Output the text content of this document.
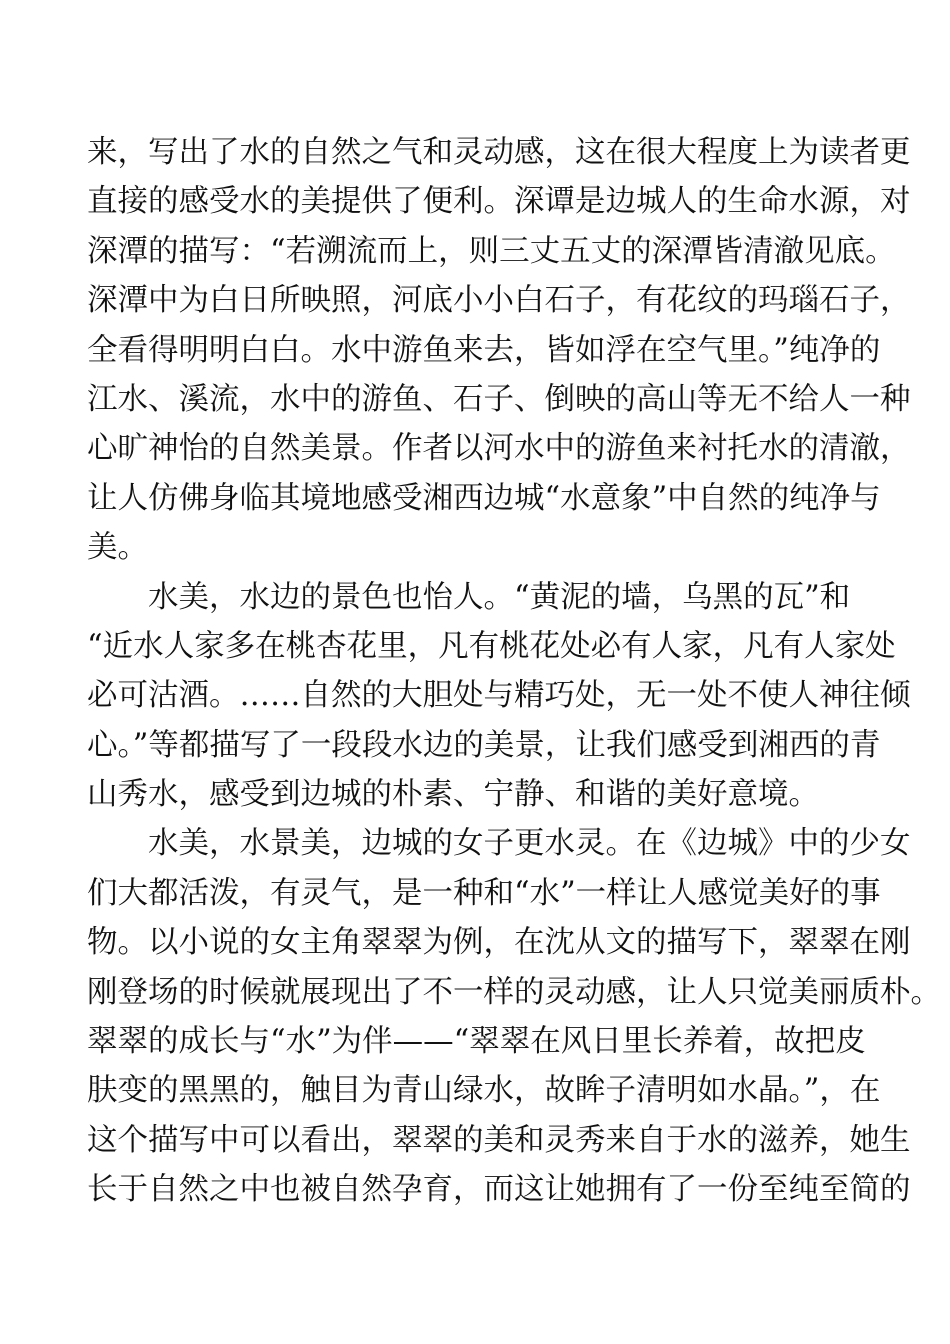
来，写出了水的自然之气和灵动感，这在很大程度上为读者更
直接的感受水的美提供了便利。深谭是边城人的生命水源，对
深潭的描写：“若溯流而上，则三丈五丈的深潭皆清澈见底。
深潭中为白日所映照，河底小小白石子，有花纹的玛瑙石子，
全看得明明白白。水中游鱼来去，皆如浮在空气里。”纯净的
江水、溪流，水中的游鱼、石子、倒映的高山等无不给人一种
心旷神怡的自然美景。作者以河水中的游鱼来衬托水的清澈，
让人仿佛身临其境地感受湘西边城“水意象”中自然的纯净与
美。
水美，水边的景色也怡人。“黄泥的墙，乌黑的瓦”和
“近水人家多在桃杏花里，凡有桃花处必有人家，凡有人家处
必可沽酒。……自然的大胆处与精巧处，无一处不使人神往倾
心。”等都描写了一段段水边的美景，让我们感受到湘西的青
山秀水，感受到边城的朴素、宁静、和谐的美好意境。
水美，水景美，边城的女子更水灵。在《边城》中的少女
们大都活泼，有灵气，是一种和“水”一样让人感觉美好的事
物。以小说的女主角翠翠为例，在沈从文的描写下，翠翠在刚
刚登场的时候就展现出了不一样的灵动感，让人只觉美丽质朴。
翠翠的成长与“水”为伴——“翠翠在风日里长养着，故把皮
肤变的黑黑的，触目为青山绿水，故眸子清明如水晶。”，在
这个描写中可以看出，翠翠的美和灵秀来自于水的滋养，她生
长于自然之中也被自然孕育，而这让她拥有了一份至纯至简的
